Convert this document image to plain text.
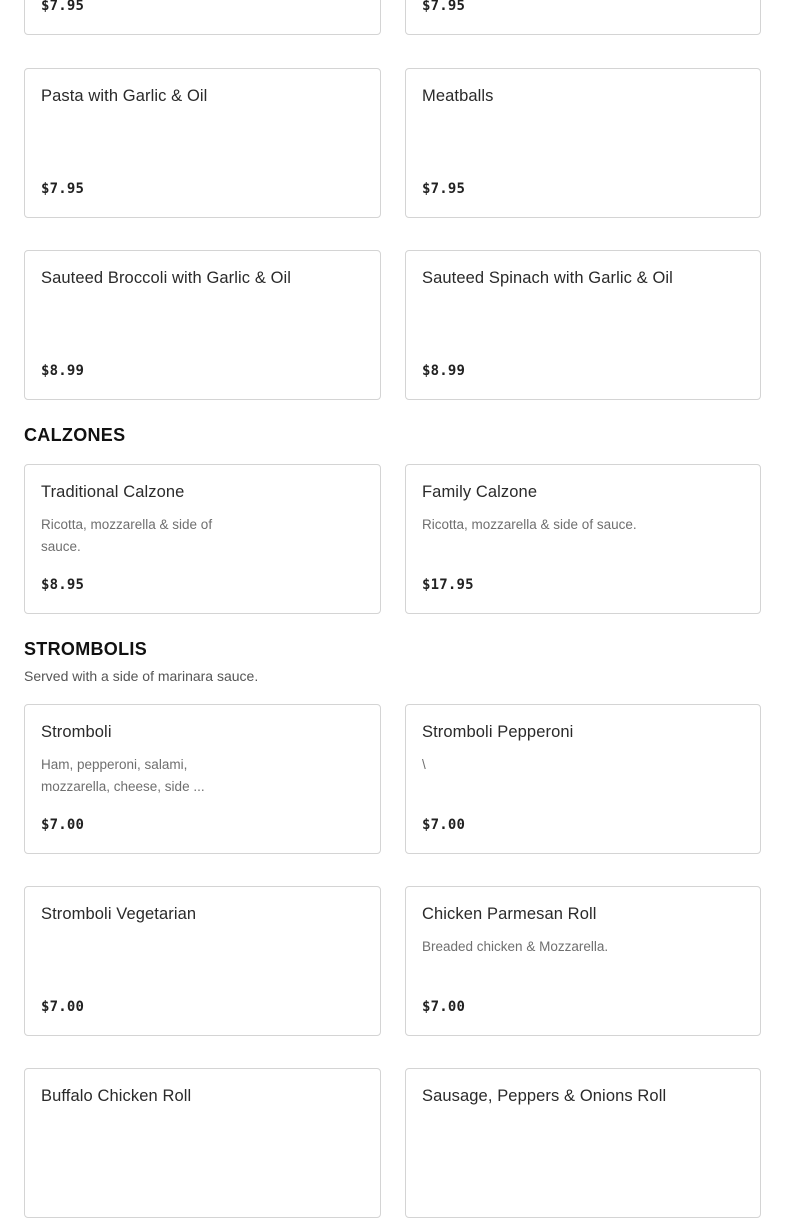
$7.95	$7.95
Pasta with Garlic & Oil
$7.95
Meatballs
$7.95
Sauteed Broccoli with Garlic & Oil
$8.99
Sauteed Spinach with Garlic & Oil
$8.99
CALZONES
Traditional Calzone
Ricotta, mozzarella & side of sauce.
$8.95
Family Calzone
Ricotta, mozzarella & side of sauce.
$17.95
STROMBOLIS
Served with a side of marinara sauce.
Stromboli
Ham, pepperoni, salami, mozzarella, cheese, side ...
$7.00
Stromboli Pepperoni
\
$7.00
Stromboli Vegetarian
$7.00
Chicken Parmesan Roll
Breaded chicken & Mozzarella.
$7.00
Buffalo Chicken Roll	Sausage, Peppers & Onions Roll
